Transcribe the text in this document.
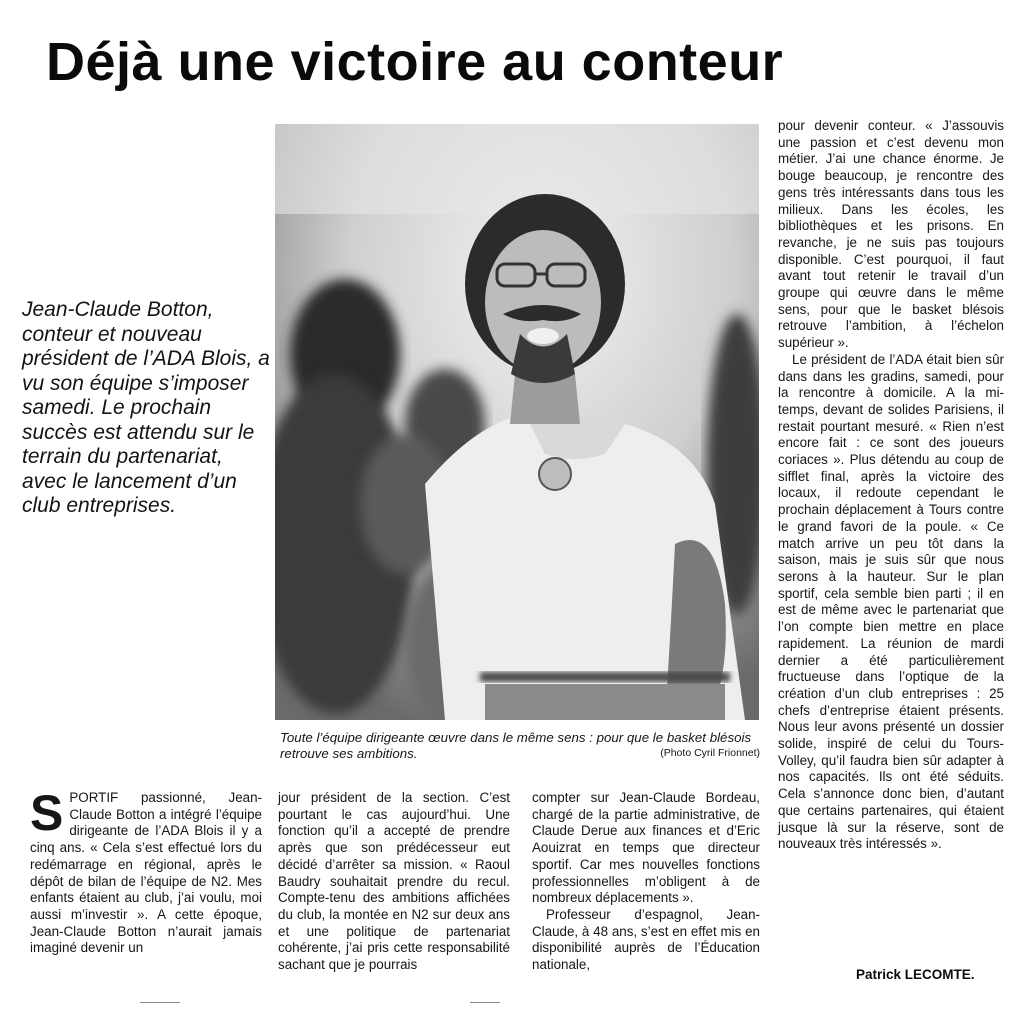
Déjà une victoire au conteur
Jean-Claude Botton, conteur et nouveau président de l’ADA Blois, a vu son équipe s’imposer samedi. Le prochain succès est attendu sur le terrain du partenariat, avec le lancement d’un club entreprises.
Toute l’équipe dirigeante œuvre dans le même sens : pour que le basket blésois retrouve ses ambitions.	(Photo Cyril Frionnet)

pour devenir conteur. « J’assouvis une passion et c’est devenu mon métier. J’ai une chance énorme. Je bouge beaucoup, je rencontre des gens très intéressants dans tous les milieux. Dans les écoles, les bibliothèques et les prisons. En revanche, je ne suis pas toujours disponible. C’est pourquoi, il faut avant tout retenir le travail d’un groupe qui œuvre dans le même sens, pour que le basket blésois retrouve l’ambition, à l’échelon supérieur ».

Le président de l’ADA était bien sûr dans dans les gradins, samedi, pour la rencontre à domicile. A la mi-temps, devant de solides Parisiens, il restait pourtant mesuré. « Rien n’est encore fait : ce sont des joueurs coriaces ». Plus détendu au coup de sifflet final, après la victoire des locaux, il redoute cependant le prochain déplacement à Tours contre le grand favori de la poule. « Ce match arrive un peu tôt dans la saison, mais je suis sûr que nous serons à la hauteur. Sur le plan sportif, cela semble bien parti ; il en est de même avec le partenariat que l’on compte bien mettre en place rapidement. La réunion de mardi dernier a été particulièrement fructueuse dans l’optique de la création d’un club entreprises : 25 chefs d’entreprise étaient présents. Nous leur avons présenté un dossier solide, inspiré de celui du Tours-Volley, qu’il faudra bien sûr adapter à nos capacités. Ils ont été séduits. Cela s’annonce donc bien, d’autant que certains partenaires, qui étaient jusque là sur la réserve, sont de nouveaux très intéressés ».

S PORTIF passionné, Jean-Claude Botton a intégré l’équipe dirigeante de l’ADA Blois il y a cinq ans. « Cela s’est effectué lors du redémarrage en régional, après le dépôt de bilan de l’équipe de N2. Mes enfants étaient au club, j’ai voulu, moi aussi m’investir ». A cette époque, Jean-Claude Botton n’aurait jamais imaginé devenir un

jour président de la section. C’est pourtant le cas aujourd’hui. Une fonction qu’il a accepté de prendre après que son prédécesseur eut décidé d’arrêter sa mission. « Raoul Baudry souhaitait prendre du recul. Compte-tenu des ambitions affichées du club, la montée en N2 sur deux ans et une politique de partenariat cohérente, j’ai pris cette responsabilité sachant que je pourrais

compter sur Jean-Claude Bordeau, chargé de la partie administrative, de Claude Derue aux finances et d’Eric Aouizrat en temps que directeur sportif. Car mes nouvelles fonctions professionnelles m’obligent à de nombreux déplacements ».

Professeur d’espagnol, Jean-Claude, à 48 ans, s’est en effet mis en disponibilité auprès de l’Éducation nationale,

Patrick LECOMTE.
